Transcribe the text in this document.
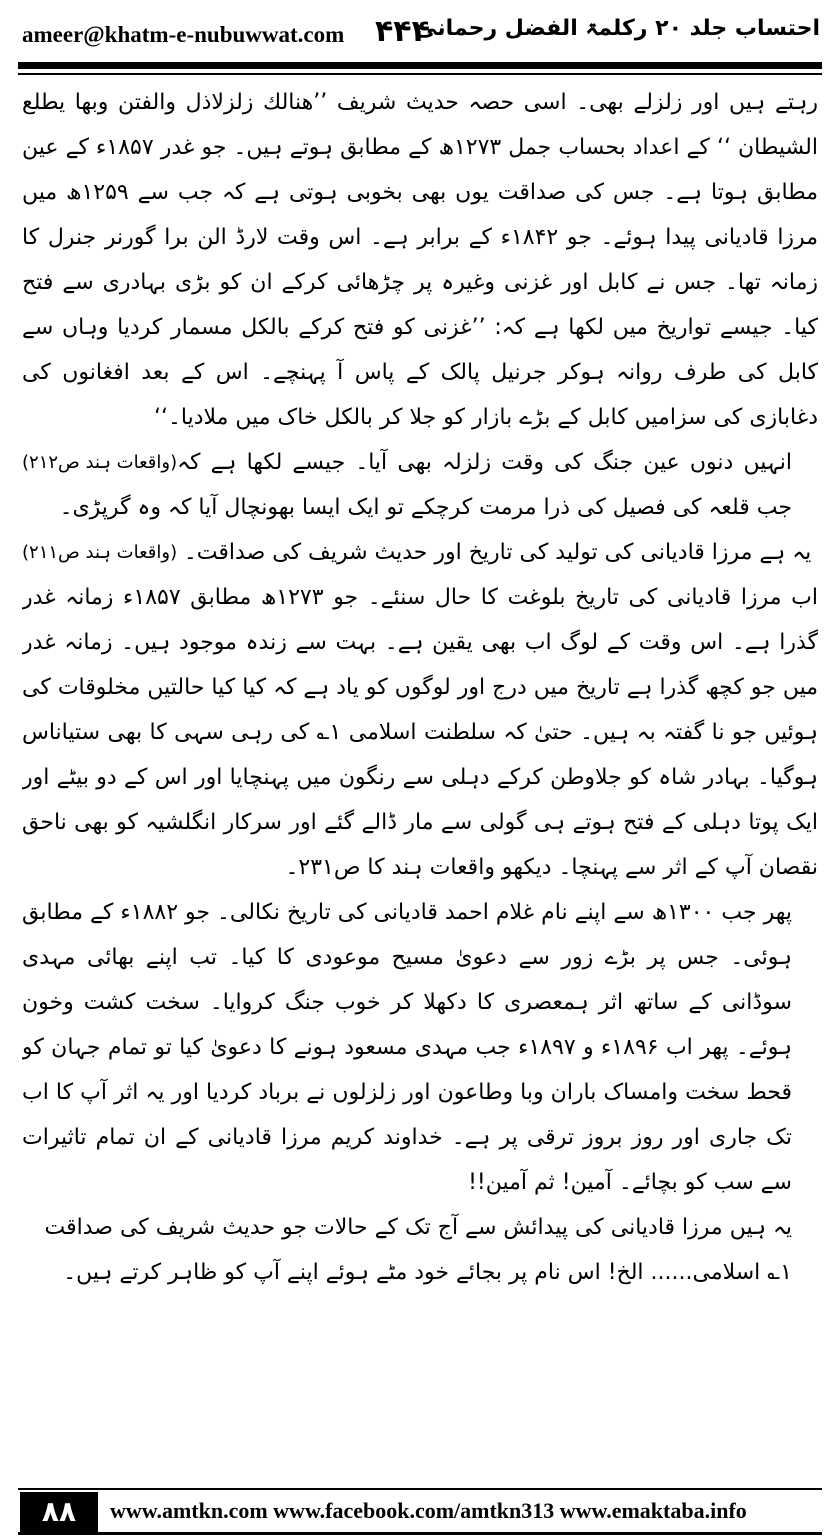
ameer@khatm-e-nubuwwat.com ۴۴۴
احتساب جلد ۲۰ رکلمۃ الفضل رحمانی

رہتے ہیں اور زلزلے بھی۔ اسی حصہ حدیث شریف ’’ھنالك زلزلاذل والفتن وبها یطلع الشیطان ‘‘ کے اعداد بحساب جمل ۱۲۷۳ھ کے مطابق ہوتے ہیں۔ جو غدر ۱۸۵۷ء کے عین مطابق ہوتا ہے۔ جس کی صداقت یوں بھی بخوبی ہوتی ہے کہ جب سے ۱۲۵۹ھ میں مرزا قادیانی پیدا ہوئے۔ جو ۱۸۴۲ء کے برابر ہے۔ اس وقت لارڈ الن برا گورنر جنرل کا زمانہ تھا۔ جس نے کابل اور غزنی وغیرہ پر چڑھائی کرکے ان کو بڑی بہادری سے فتح کیا۔ جیسے تواریخ میں لکھا ہے کہ: ’’غزنی کو فتح کرکے بالکل مسمار کردیا وہاں سے کابل کی طرف روانہ ہوکر جرنیل پالک کے پاس آ پہنچے۔ اس کے بعد افغانوں کی دغابازی کی سزامیں کابل کے بڑے بازار کو جلا کر بالکل خاک میں ملادیا۔‘‘
(واقعات ہند ص۲۱۲) انہیں دنوں عین جنگ کی وقت زلزلہ بھی آیا۔ جیسے لکھا ہے کہ جب قلعہ کی فصیل کی ذرا مرمت کرچکے تو ایک ایسا بھونچال آیا کہ وہ گرپڑی۔
(واقعات ہند ص۲۱۱) یہ ہے مرزا قادیانی کی تولید کی تاریخ اور حدیث شریف کی صداقت۔

اب مرزا قادیانی کی تاریخ بلوغت کا حال سنئے۔ جو ۱۲۷۳ھ مطابق ۱۸۵۷ء زمانہ غدر گذرا ہے۔ اس وقت کے لوگ اب بھی یقین ہے۔ بہت سے زندہ موجود ہیں۔ زمانہ غدر میں جو کچھ گذرا ہے تاریخ میں درج اور لوگوں کو یاد ہے کہ کیا کیا حالتیں مخلوقات کی ہوئیں جو نا گفتہ بہ ہیں۔ حتیٰ کہ سلطنت اسلامی ۱؎ کی رہی سہی کا بھی ستیاناس ہوگیا۔ بہادر شاہ کو جلاوطن کرکے دہلی سے رنگون میں پہنچایا اور اس کے دو بیٹے اور ایک پوتا دہلی کے فتح ہوتے ہی گولی سے مار ڈالے گئے اور سرکار انگلشیہ کو بھی ناحق نقصان آپ کے اثر سے پہنچا۔ دیکھو واقعات ہند کا ص۲۳۱۔

پھر جب ۱۳۰۰ھ سے اپنے نام غلام احمد قادیانی کی تاریخ نکالی۔ جو ۱۸۸۲ء کے مطابق ہوئی۔ جس پر بڑے زور سے دعویٰ مسیح موعودی کا کیا۔ تب اپنے بھائی مہدی سوڈانی کے ساتھ اثر ہمعصری کا دکھلا کر خوب جنگ کروایا۔ سخت کشت وخون ہوئے۔ پھر اب ۱۸۹۶ء و ۱۸۹۷ء جب مہدی مسعود ہونے کا دعویٰ کیا تو تمام جہان کو قحط سخت وامساک باران وبا وطاعون اور زلزلوں نے برباد کردیا اور یہ اثر آپ کا اب تک جاری اور روز بروز ترقی پر ہے۔ خداوند کریم مرزا قادیانی کے ان تمام تاثیرات سے سب کو بچائے۔ آمین! ثم آمین!!

یہ ہیں مرزا قادیانی کی پیدائش سے آج تک کے حالات جو حدیث شریف کی صداقت

۱؎ اسلامی...... الخ! اس نام پر بجائے خود مٹے ہوئے اپنے آپ کو ظاہر کرتے ہیں۔

۸۸	www.amtkn.com www.facebook.com/amtkn313 www.emaktaba.info
